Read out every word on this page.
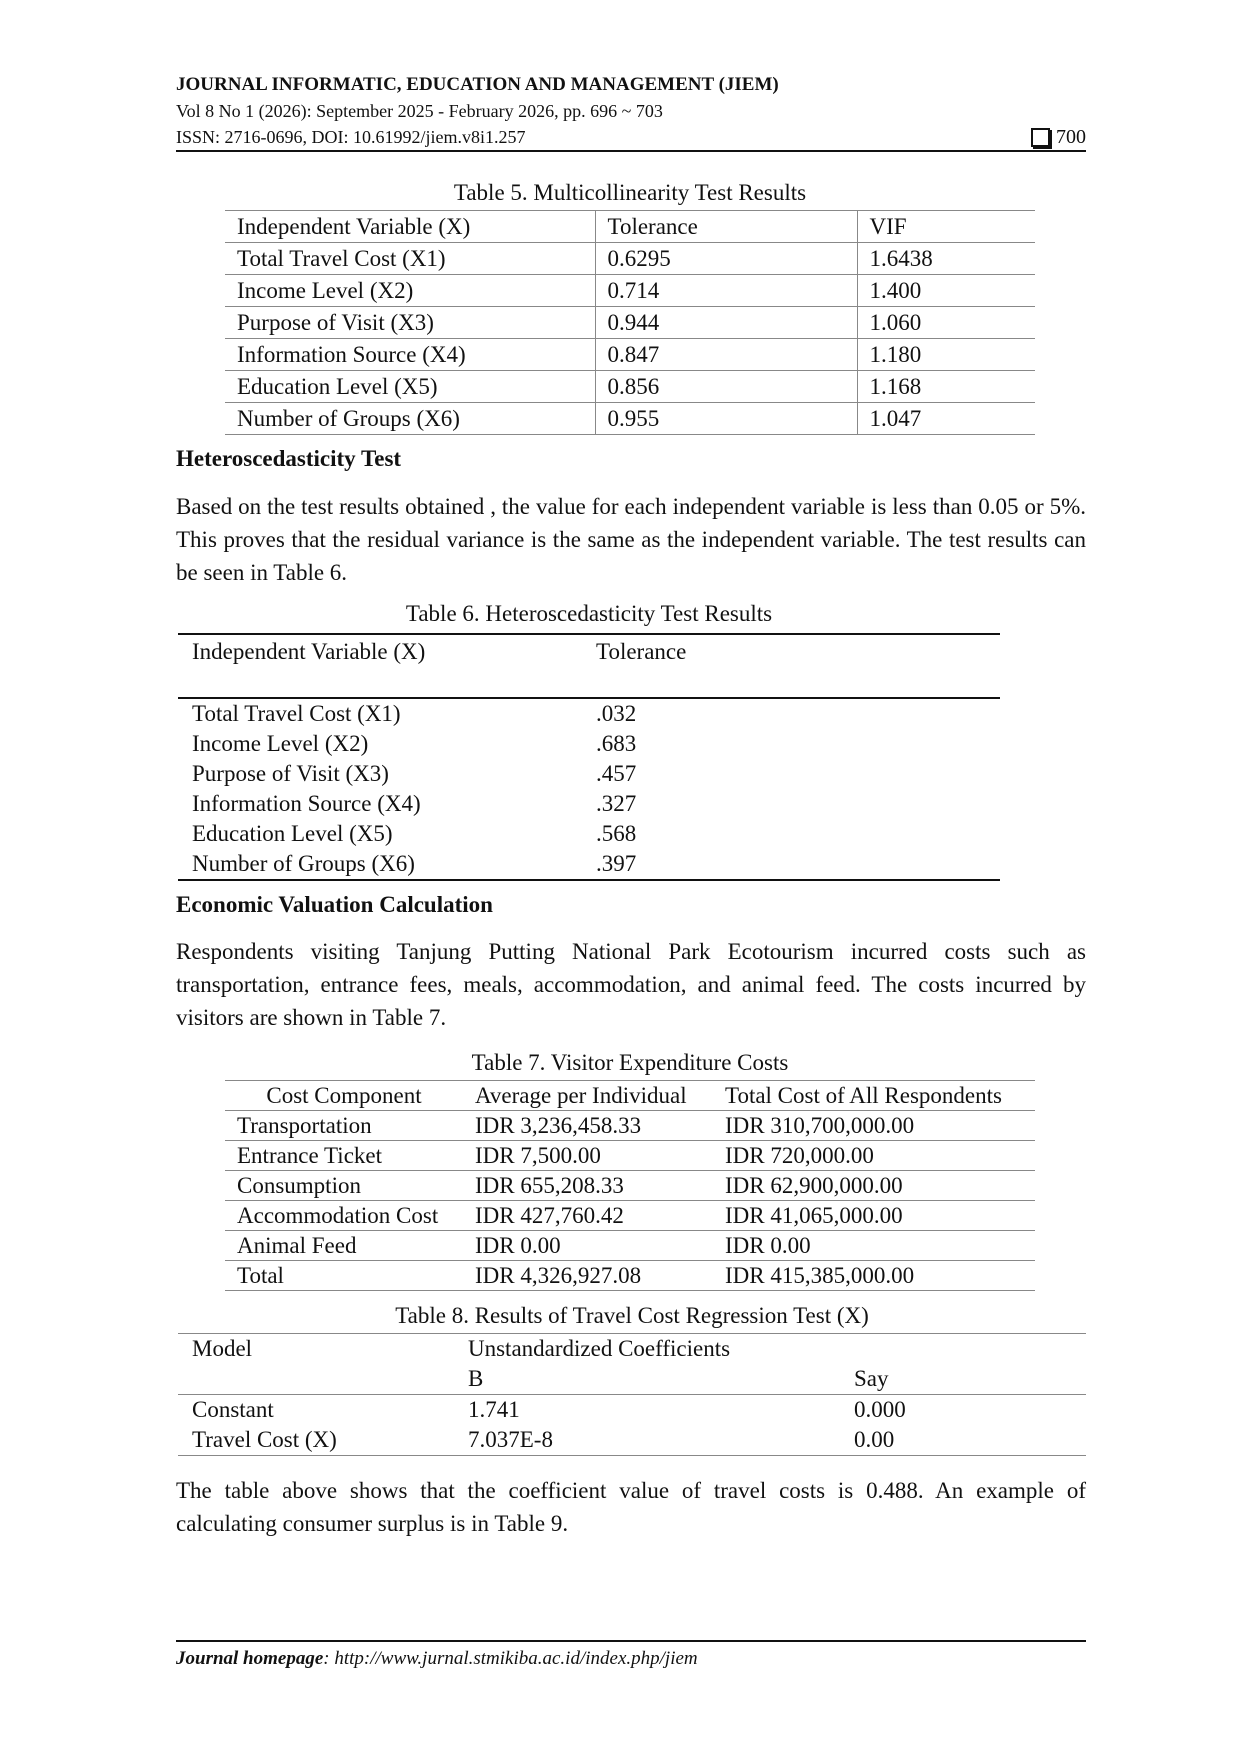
JOURNAL INFORMATIC, EDUCATION AND MANAGEMENT (JIEM)
Vol 8 No 1 (2026): September 2025 - February 2026, pp. 696 ~ 703
ISSN: 2716-0696, DOI: 10.61992/jiem.v8i1.257	700
Table 5. Multicollinearity Test Results
Independent Variable (X)	Tolerance	VIF
Total Travel Cost (X1)	0.6295	1.6438
Income Level (X2)	0.714	1.400
Purpose of Visit (X3)	0.944	1.060
Information Source (X4)	0.847	1.180
Education Level (X5)	0.856	1.168
Number of Groups (X6)	0.955	1.047
Heteroscedasticity Test
Based on the test results obtained , the value for each independent variable is less than 0.05 or 5%. This proves that the residual variance is the same as the independent variable. The test results can be seen in Table 6.
Table 6. Heteroscedasticity Test Results
Independent Variable (X)	Tolerance
Total Travel Cost (X1)	.032
Income Level (X2)	.683
Purpose of Visit (X3)	.457
Information Source (X4)	.327
Education Level (X5)	.568
Number of Groups (X6)	.397
Economic Valuation Calculation
Respondents visiting Tanjung Putting National Park Ecotourism incurred costs such as transportation, entrance fees, meals, accommodation, and animal feed. The costs incurred by visitors are shown in Table 7.
Table 7. Visitor Expenditure Costs
Cost Component	Average per Individual	Total Cost of All Respondents
Transportation	IDR 3,236,458.33	IDR 310,700,000.00
Entrance Ticket	IDR 7,500.00	IDR 720,000.00
Consumption	IDR 655,208.33	IDR 62,900,000.00
Accommodation Cost	IDR 427,760.42	IDR 41,065,000.00
Animal Feed	IDR 0.00	IDR 0.00
Total	IDR 4,326,927.08	IDR 415,385,000.00
Table 8. Results of Travel Cost Regression Test (X)
Model	Unstandardized Coefficients	
	B	Say
Constant	1.741	0.000
Travel Cost (X)	7.037E-8	0.00
The table above shows that the coefficient value of travel costs is 0.488. An example of calculating consumer surplus is in Table 9.
Journal homepage: http://www.jurnal.stmikiba.ac.id/index.php/jiem
